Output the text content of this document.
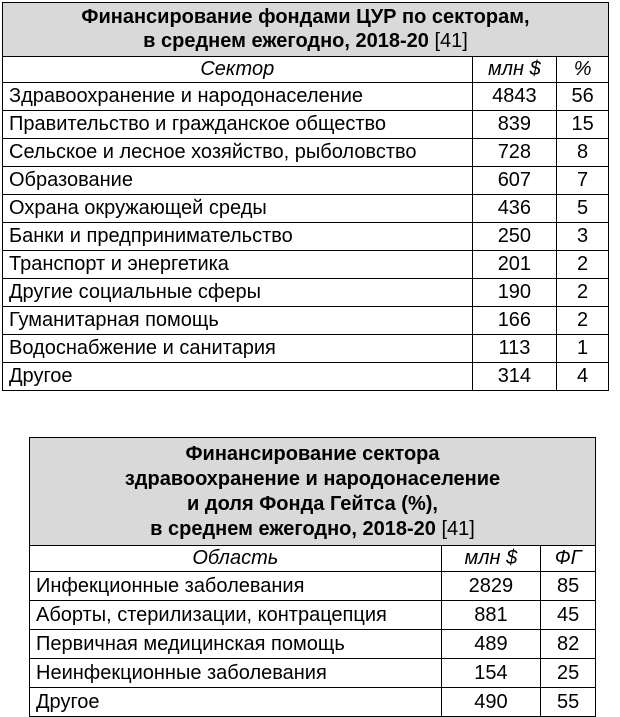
Финансирование фондами ЦУР по секторам,
в среднем ежегодно, 2018-20 [41]		
Сектор	млн $	%
Здравоохранение и народонаселение	4843	56
Правительство и гражданское общество	839	15
Сельское и лесное хозяйство, рыболовство	728	8
Образование	607	7
Охрана окружающей среды	436	5
Банки и предпринимательство	250	3
Транспорт и энергетика	201	2
Другие социальные сферы	190	2
Гуманитарная помощь	166	2
Водоснабжение и санитария	113	1
Другое	314	4
Финансирование сектора
здравоохранение и народонаселение
и доля Фонда Гейтса (%),
в среднем ежегодно, 2018-20 [41]		
Область	млн $	ФГ
Инфекционные заболевания	2829	85
Аборты, стерилизации, контрацепция	881	45
Первичная медицинская помощь	489	82
Неинфекционные заболевания	154	25
Другое	490	55
